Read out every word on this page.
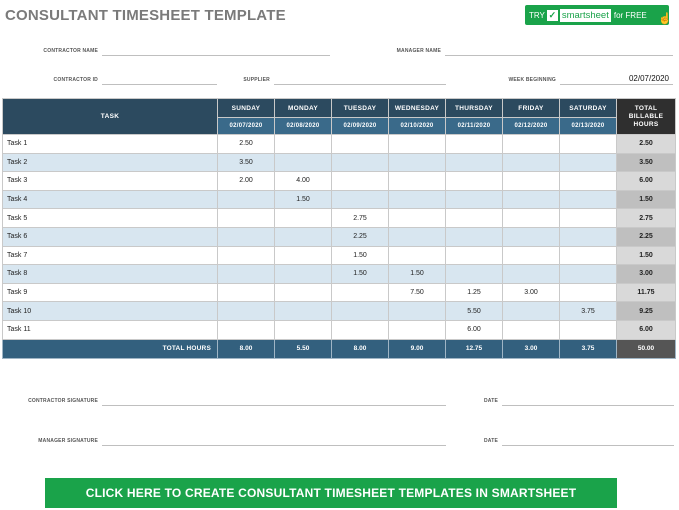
CONSULTANT TIMESHEET TEMPLATE	TRY ✓ smartsheet for FREE ☝
CONTRACTOR NAME	MANAGER NAME
CONTRACTOR ID	SUPPLIER	WEEK BEGINNING	02/07/2020
TASK	SUNDAY	MONDAY	TUESDAY	WEDNESDAY	THURSDAY	FRIDAY	SATURDAY	TOTAL BILLABLE HOURS
	02/07/2020	02/08/2020	02/09/2020	02/10/2020	02/11/2020	02/12/2020	02/13/2020	
Task 1	2.50							2.50
Task 2	3.50							3.50
Task 3	2.00	4.00						6.00
Task 4		1.50						1.50
Task 5			2.75					2.75
Task 6			2.25					2.25
Task 7			1.50					1.50
Task 8			1.50	1.50				3.00
Task 9				7.50	1.25	3.00		11.75
Task 10					5.50		3.75	9.25
Task 11					6.00			6.00
TOTAL HOURS	8.00	5.50	8.00	9.00	12.75	3.00	3.75	50.00
CONTRACTOR SIGNATURE	DATE
MANAGER SIGNATURE	DATE
CLICK HERE TO CREATE CONSULTANT TIMESHEET TEMPLATES IN SMARTSHEET
